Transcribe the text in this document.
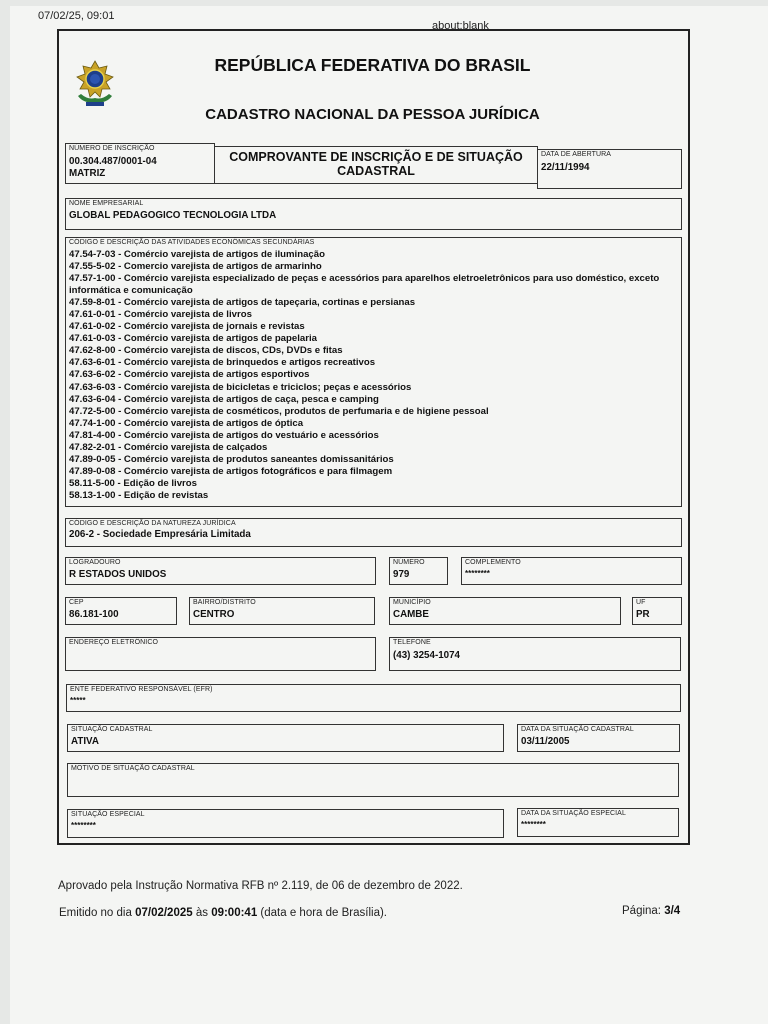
07/02/25, 09:01
about:blank
REPÚBLICA FEDERATIVA DO BRASIL
CADASTRO NACIONAL DA PESSOA JURÍDICA
NÚMERO DE INSCRIÇÃO
00.304.487/0001-04
MATRIZ
COMPROVANTE DE INSCRIÇÃO E DE SITUAÇÃO
CADASTRAL
DATA DE ABERTURA
22/11/1994
NOME EMPRESARIAL
GLOBAL PEDAGOGICO TECNOLOGIA LTDA
CÓDIGO E DESCRIÇÃO DAS ATIVIDADES ECONÔMICAS SECUNDÁRIAS
47.54-7-03 - Comércio varejista de artigos de iluminação
47.55-5-02 - Comercio varejista de artigos de armarinho
47.57-1-00 - Comércio varejista especializado de peças e acessórios para aparelhos eletroeletrônicos para uso doméstico, exceto informática e comunicação
47.59-8-01 - Comércio varejista de artigos de tapeçaria, cortinas e persianas
47.61-0-01 - Comércio varejista de livros
47.61-0-02 - Comércio varejista de jornais e revistas
47.61-0-03 - Comércio varejista de artigos de papelaria
47.62-8-00 - Comércio varejista de discos, CDs, DVDs e fitas
47.63-6-01 - Comércio varejista de brinquedos e artigos recreativos
47.63-6-02 - Comércio varejista de artigos esportivos
47.63-6-03 - Comércio varejista de bicicletas e triciclos; peças e acessórios
47.63-6-04 - Comércio varejista de artigos de caça, pesca e camping
47.72-5-00 - Comércio varejista de cosméticos, produtos de perfumaria e de higiene pessoal
47.74-1-00 - Comércio varejista de artigos de óptica
47.81-4-00 - Comércio varejista de artigos do vestuário e acessórios
47.82-2-01 - Comércio varejista de calçados
47.89-0-05 - Comércio varejista de produtos saneantes domissanitários
47.89-0-08 - Comércio varejista de artigos fotográficos e para filmagem
58.11-5-00 - Edição de livros
58.13-1-00 - Edição de revistas
CÓDIGO E DESCRIÇÃO DA NATUREZA JURÍDICA
206-2 - Sociedade Empresária Limitada
LOGRADOURO
R ESTADOS UNIDOS
NÚMERO
979
COMPLEMENTO
********
CEP
86.181-100
BAIRRO/DISTRITO
CENTRO
MUNICÍPIO
CAMBE
UF
PR
ENDEREÇO ELETRÔNICO	TELEFONE
(43) 3254-1074
ENTE FEDERATIVO RESPONSÁVEL (EFR)
*****
SITUAÇÃO CADASTRAL
ATIVA
DATA DA SITUAÇÃO CADASTRAL
03/11/2005
MOTIVO DE SITUAÇÃO CADASTRAL
SITUAÇÃO ESPECIAL
********
DATA DA SITUAÇÃO ESPECIAL
********
Aprovado pela Instrução Normativa RFB nº 2.119, de 06 de dezembro de 2022.
Emitido no dia 07/02/2025 às 09:00:41 (data e hora de Brasília).	Página: 3/4
